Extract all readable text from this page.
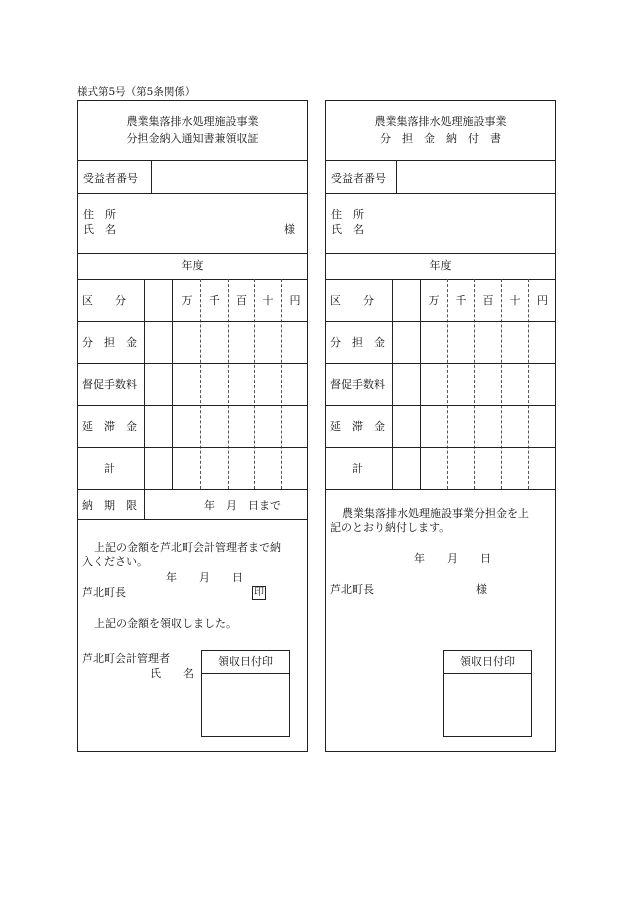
様式第5号（第5条関係）
農業集落排水処理施設事業
分担金納入通知書兼領収証
受益者番号
住　所
氏　名	様
年度
区　　分	万	千	百	十	円
分　担　金
督促手数料
延　滞　金
計
納　期　限	年　月　日まで
上記の金額を芦北町会計管理者まで納
入ください。
年　　月　　日
芦北町長	印
上記の金額を領収しました。
芦北町会計管理者
氏　　名
領収日付印
農業集落排水処理施設事業
分　担　金　納　付　書
受益者番号
住　所
氏　名
年度
区　　分	万	千	百	十	円
分　担　金
督促手数料
延　滞　金
計
農業集落排水処理施設事業分担金を上
記のとおり納付します。
年　　月　　日
芦北町長	様
領収日付印
